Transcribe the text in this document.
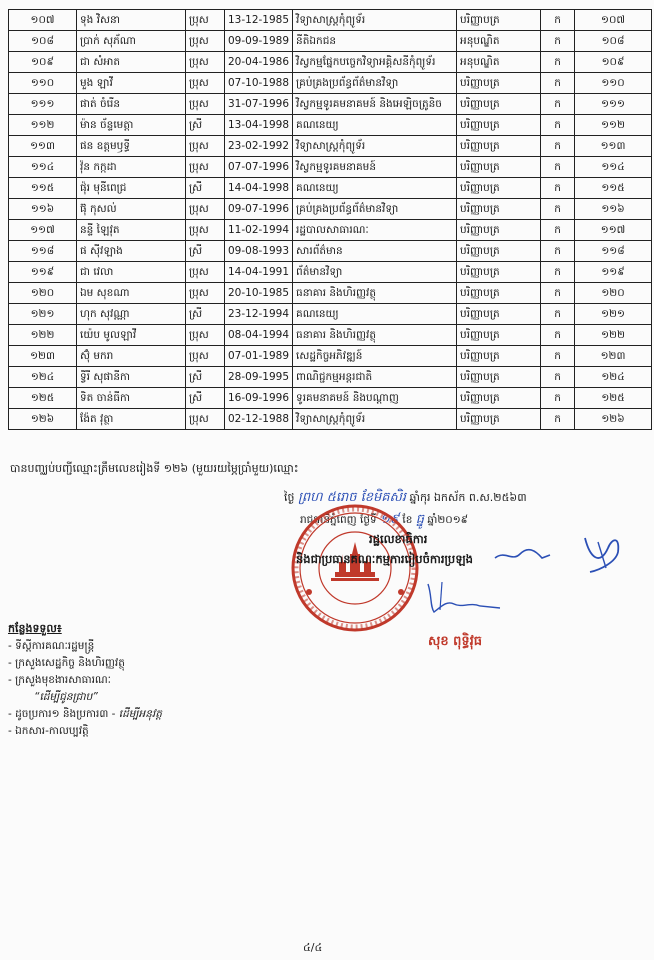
១០៧	ទុង វិសនា	ប្រុស	13-12-1985	វិទ្យាសាស្ត្រកុំព្យូទ័រ	បរិញ្ញាបត្រ	ក	១០៧
១០៨	ប្រាក់ សុភ័ណា	ប្រុស	09-09-1989	នីតិឯកជន	អនុបណ្ឌិត	ក	១០៨
១០៩	ជា សំអាត	ប្រុស	20-04-1986	វិស្វកម្មផ្នែកបច្ចេកវិទ្យាអគ្គិសនីកុំព្យូទ័រ	អនុបណ្ឌិត	ក	១០៩
១១០	មួង ឡាវី	ប្រុស	07-10-1988	គ្រប់គ្រងប្រព័ន្ធព័ត៌មានវិទ្យា	បរិញ្ញាបត្រ	ក	១១០
១១១	ផាត់ ចំរើន	ប្រុស	31-07-1996	វិស្វកម្មទូរគមនាគមន៍ និងអេឡិចត្រូនិច	បរិញ្ញាបត្រ	ក	១១១
១១២	ម៉ាន ច័ន្ទមេត្តា	ស្រី	13-04-1998	គណនេយ្យ	បរិញ្ញាបត្រ	ក	១១២
១១៣	ផន ឧត្តមឫទ្ធី	ប្រុស	23-02-1992	វិទ្យាសាស្ត្រកុំព្យូទ័រ	បរិញ្ញាបត្រ	ក	១១៣
១១៤	វ៉ុន កក្កដា	ប្រុស	07-07-1996	វិស្វកម្មទូរគមនាគមន៍	បរិញ្ញាបត្រ	ក	១១៤
១១៥	ផ៉ុរ មុនីពេជ្រ	ស្រី	14-04-1998	គណនេយ្យ	បរិញ្ញាបត្រ	ក	១១៥
១១៦	ផ៊ុ កុសល់	ប្រុស	09-07-1996	គ្រប់គ្រងប្រព័ន្ធព័ត៌មានវិទ្យា	បរិញ្ញាបត្រ	ក	១១៦
១១៧	នន្ទី ឡៃវុត	ប្រុស	11-02-1994	រដ្ឋបាលសាធារណៈ	បរិញ្ញាបត្រ	ក	១១៧
១១៨	ផ ស៊ីវឡាង	ស្រី	09-08-1993	សារព័ត៌មាន	បរិញ្ញាបត្រ	ក	១១៨
១១៩	ជា វេលា	ប្រុស	14-04-1991	ព័ត៌មានវិទ្យា	បរិញ្ញាបត្រ	ក	១១៩
១២០	ឯម សុខណា	ប្រុស	20-10-1985	ធនាគារ និងហិរញ្ញវត្ថុ	បរិញ្ញាបត្រ	ក	១២០
១២១	ហុក សុវណ្ណា	ស្រី	23-12-1994	គណនេយ្យ	បរិញ្ញាបត្រ	ក	១២១
១២២	យ៉េប មូលឡាវី	ប្រុស	08-04-1994	ធនាគារ និងហិរញ្ញវត្ថុ	បរិញ្ញាបត្រ	ក	១២២
១២៣	ស៊ុំ មករា	ប្រុស	07-01-1989	សេដ្ឋកិច្ចអភិវឌ្ឍន៍	បរិញ្ញាបត្រ	ក	១២៣
១២៤	ទ្វីរី សុផានីកា	ស្រី	28-09-1995	ពាណិជ្ជកម្មអន្តរជាតិ	បរិញ្ញាបត្រ	ក	១២៤
១២៥	ទិត ចាន់ធីកា	ស្រី	16-09-1996	ទូរគមនាគមន៍ និងបណ្តាញ	បរិញ្ញាបត្រ	ក	១២៥
១២៦	ង៉ែត វុត្ថា	ប្រុស	02-12-1988	វិទ្យាសាស្ត្រកុំព្យូទ័រ	បរិញ្ញាបត្រ	ក	១២៦
បានបញ្ឈប់បញ្ជីឈ្មោះត្រឹមលេខរៀងទី ១២៦ (មួយរយម្ភៃប្រាំមួយ)ឈ្មោះ
ថ្ងៃ ព្រហ ៥រោច ខែមិគសិរ ឆ្នាំកុរ ឯកស័ក ព.ស.២៥៦៣
រាជធានីភ្នំពេញ ថ្ងៃទី ១៩ ខែ ធ្នូ ឆ្នាំ២០១៩
រដ្ឋលេខាធិការ
និងជាប្រធានគណៈកម្មការរៀបចំការប្រឡង
សុខ ពុទ្ធិវុធ
កន្លែងទទួល៖
- ទីស្តីការគណៈរដ្ឋមន្ត្រី
- ក្រសួងសេដ្ឋកិច្ច និងហិរញ្ញវត្ថុ
- ក្រសួងមុខងារសាធារណៈ
“ដើម្បីជូនជ្រាប”
- ដូចប្រការ១ និងប្រការ៣ - ដើម្បីអនុវត្ត
- ឯកសារ-កាលប្បវត្តិ
៤/៤
